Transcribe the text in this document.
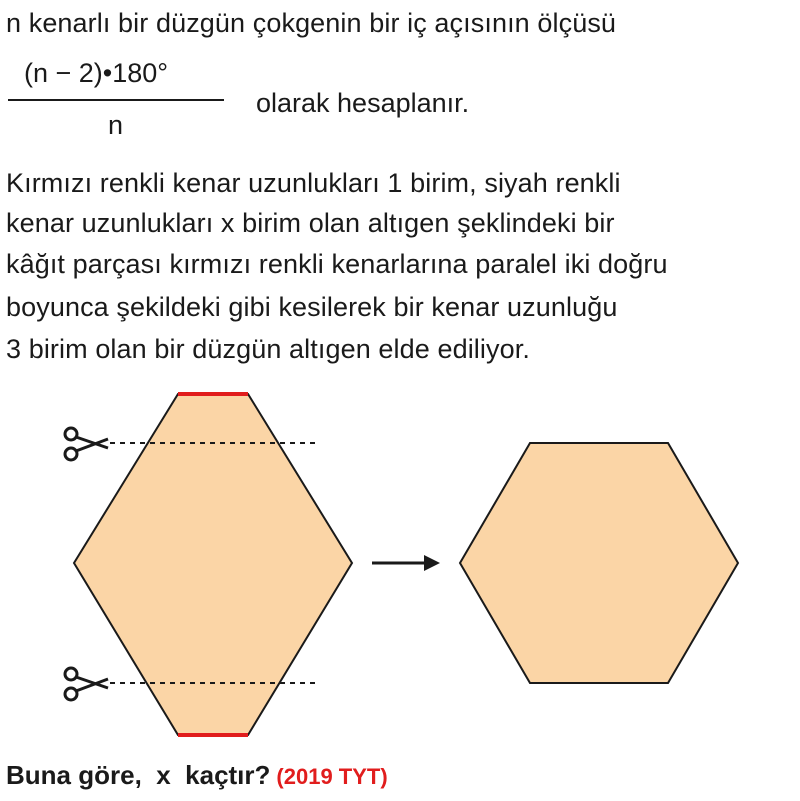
n kenarlı bir düzgün çokgenin bir iç açısının ölçüsü
(n − 2)•180°
n
olarak hesaplanır.
Kırmızı renkli kenar uzunlukları 1 birim, siyah renkli
kenar uzunlukları x birim olan altıgen şeklindeki bir
kâğıt parçası kırmızı renkli kenarlarına paralel iki doğru
boyunca şekildeki gibi kesilerek bir kenar uzunluğu
3 birim olan bir düzgün altıgen elde ediliyor.
Buna göre,  x  kaçtır? (2019 TYT)
